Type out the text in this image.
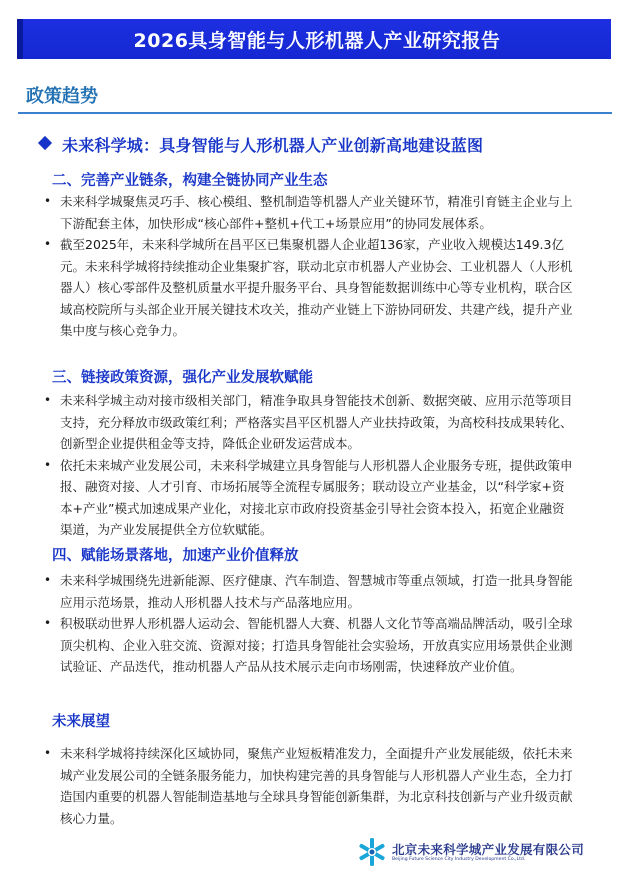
2026具身智能与人形机器人产业研究报告
政策趋势
未来科学城：具身智能与人形机器人产业创新高地建设蓝图
二、完善产业链条，构建全链协同产业生态
• 未来科学城聚焦灵巧手、核心模组、整机制造等机器人产业关键环节，精准引育链主企业与上下游配套主体，加快形成“核心部件+整机+代工+场景应用”的协同发展体系。
• 截至2025年，未来科学城所在昌平区已集聚机器人企业超136家，产业收入规模达149.3亿元。未来科学城将持续推动企业集聚扩容，联动北京市机器人产业协会、工业机器人（人形机器人）核心零部件及整机质量水平提升服务平台、具身智能数据训练中心等专业机构，联合区域高校院所与头部企业开展关键技术攻关，推动产业链上下游协同研发、共建产线，提升产业集中度与核心竞争力。
三、链接政策资源，强化产业发展软赋能
• 未来科学城主动对接市级相关部门，精准争取具身智能技术创新、数据突破、应用示范等项目支持，充分释放市级政策红利；严格落实昌平区机器人产业扶持政策，为高校科技成果转化、创新型企业提供租金等支持，降低企业研发运营成本。
• 依托未来城产业发展公司，未来科学城建立具身智能与人形机器人企业服务专班，提供政策申报、融资对接、人才引育、市场拓展等全流程专属服务；联动设立产业基金，以“科学家+资本+产业”模式加速成果产业化，对接北京市政府投资基金引导社会资本投入，拓宽企业融资渠道，为产业发展提供全方位软赋能。
四、赋能场景落地，加速产业价值释放
• 未来科学城围绕先进新能源、医疗健康、汽车制造、智慧城市等重点领域，打造一批具身智能应用示范场景，推动人形机器人技术与产品落地应用。
• 积极联动世界人形机器人运动会、智能机器人大赛、机器人文化节等高端品牌活动，吸引全球顶尖机构、企业入驻交流、资源对接；打造具身智能社会实验场，开放真实应用场景供企业测试验证、产品迭代，推动机器人产品从技术展示走向市场刚需，快速释放产业价值。
未来展望
• 未来科学城将持续深化区域协同，聚焦产业短板精准发力，全面提升产业发展能级，依托未来城产业发展公司的全链条服务能力，加快构建完善的具身智能与人形机器人产业生态，全力打造国内重要的机器人智能制造基地与全球具身智能创新集群，为北京科技创新与产业升级贡献核心力量。
北京未来科学城产业发展有限公司
Beijing Future Science City Industry Development Co.,Ltd.
